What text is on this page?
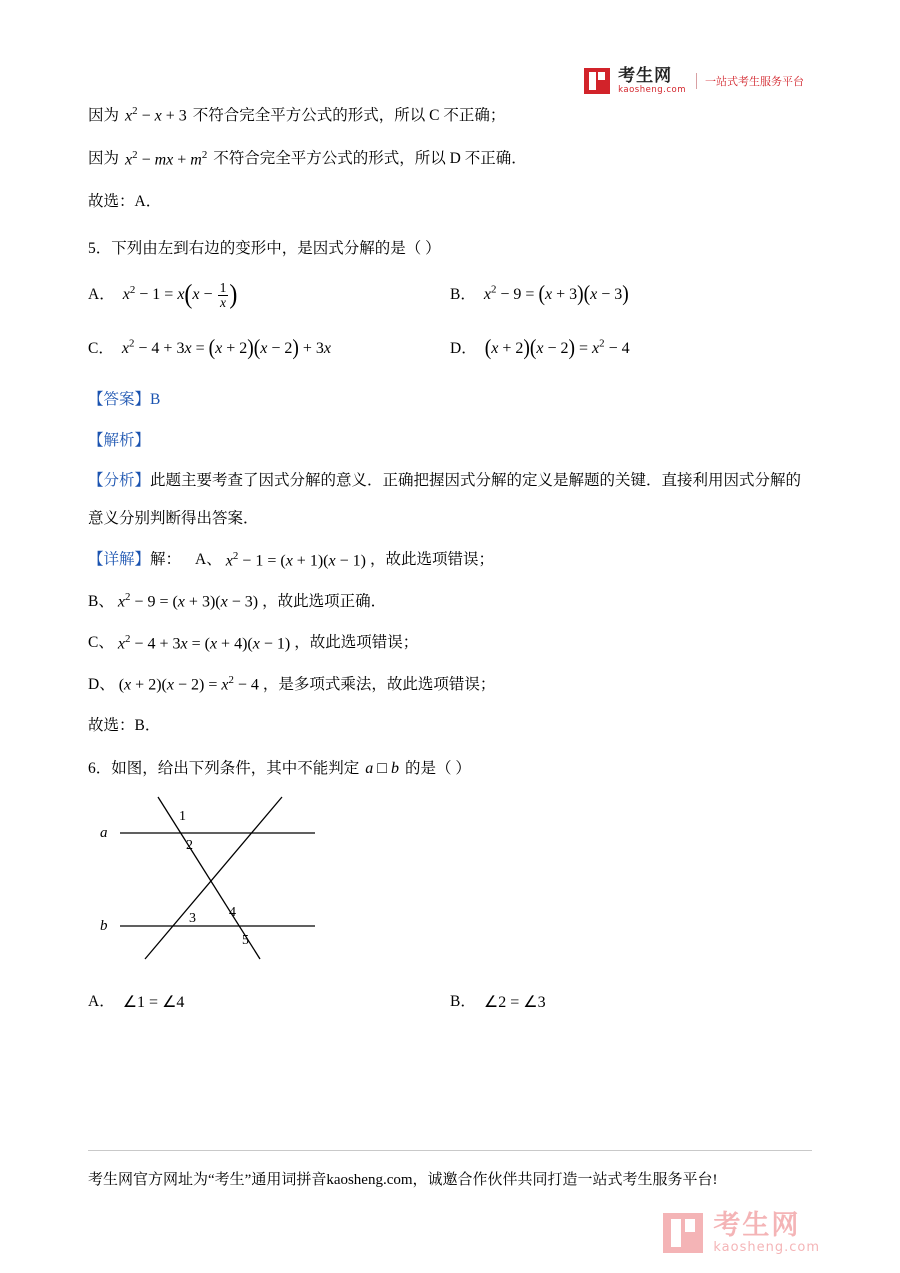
考生网
kaosheng.com
一站式考生服务平台
因为 $x^2 - x + 3$ 不符合完全平方公式的形式，所以 C 不正确；
因为 $x^2$ − mx + $m^2$ 不符合完全平方公式的形式，所以 D 不正确．
故选：A．
5．下列由左到右边的变形中，是因式分解的是（ ）
A． $x^2 - 1 = x(x - \frac{1}{x}$ )	B． $x^2 - 9 = (x + 3)(x - 3)$
C． $x^2 - 4 + 3x = (x + 2)(x - 2) + 3x$	D． $(x + 2)(x - 2) = x^2 - 4$
【答案】B
【解析】
【分析】 此题主要考查了因式分解的意义．正确把握因式分解的定义是解题的关键．直接利用因式分解的
意义分别判断得出答案．
【详解】 解： A 、 $x^2 - 1 = (x + 1)(x - 1)$ ，故此选项错误；
B 、 $x^2 - 9 = (x + 3)(x - 3)$ ，故此选项正确．
C 、 $x^2 - 4 + 3x = (x + 4)(x - 1)$ ，故此选项错误；
D 、 $(x + 2)(x - 2) = x^2 - 4$ ，是多项式乘法，故此选项错误；
故选：B．
6．如图，给出下列条件，其中不能判定 a □ b 的是（ ）
a
b
1
2
3 4
5
A． ∠1 = ∠4	B． ∠2 = ∠3
考生网官方网址为“考生”通用词拼音kaosheng.com，诚邀合作伙伴共同打造一站式考生服务平台!
考生网
kaosheng.com
